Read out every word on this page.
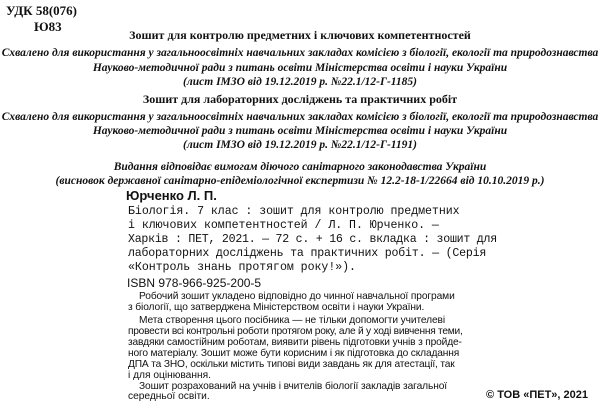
УДК 58(076)
Ю83
Зошит для контролю предметних і ключових компетентностей
Схвалено для використання у загальноосвітніх навчальних закладах комісією з біології, екології та природознавства
Науково-методичної ради з питань освіти Міністерства освіти і науки України
(лист ІМЗО від 19.12.2019 р. №22.1/12-Г-1185)
Зошит для лабораторних досліджень та практичних робіт
Схвалено для використання у загальноосвітніх навчальних закладах комісією з біології, екології та природознавства
Науково-методичної ради з питань освіти Міністерства освіти і науки України
(лист ІМЗО від 19.12.2019 р. №22.1/12-Г-1191)
Видання відповідає вимогам діючого санітарного законодавства України
(висновок державної санітарно-епідеміологічної експертизи № 12.2-18-1/22664 від 10.10.2019 р.)
Юрченко Л. П.
Біологія. 7 клас : зошит для контролю предметних
і ключових компетентностей / Л. П. Юрченко. —
Харків : ПЕТ, 2021. — 72 с. + 16 с. вкладка : зошит для
лабораторних досліджень та практичних робіт. — (Серія
«Контроль знань протягом року!»).
ISBN 978-966-925-200-5
Робочий зошит укладено відповідно до чинної навчальної програми
з біології, що затверджена Міністерством освіти і науки України.
Мета створення цього посібника — не тільки допомогти учителеві
провести всі контрольні роботи протягом року, але й у ході вивчення теми,
завдяки самостійним роботам, виявити рівень підготовки учнів з пройде-
ного матеріалу. Зошит може бути корисним і як підготовка до складання
ДПА та ЗНО, оскільки містить типові види завдань як для атестації, так
і для оцінювання.
Зошит розрахований на учнів і вчителів біології закладів загальної
середньої освіти.	© ТОВ «ПЕТ», 2021
